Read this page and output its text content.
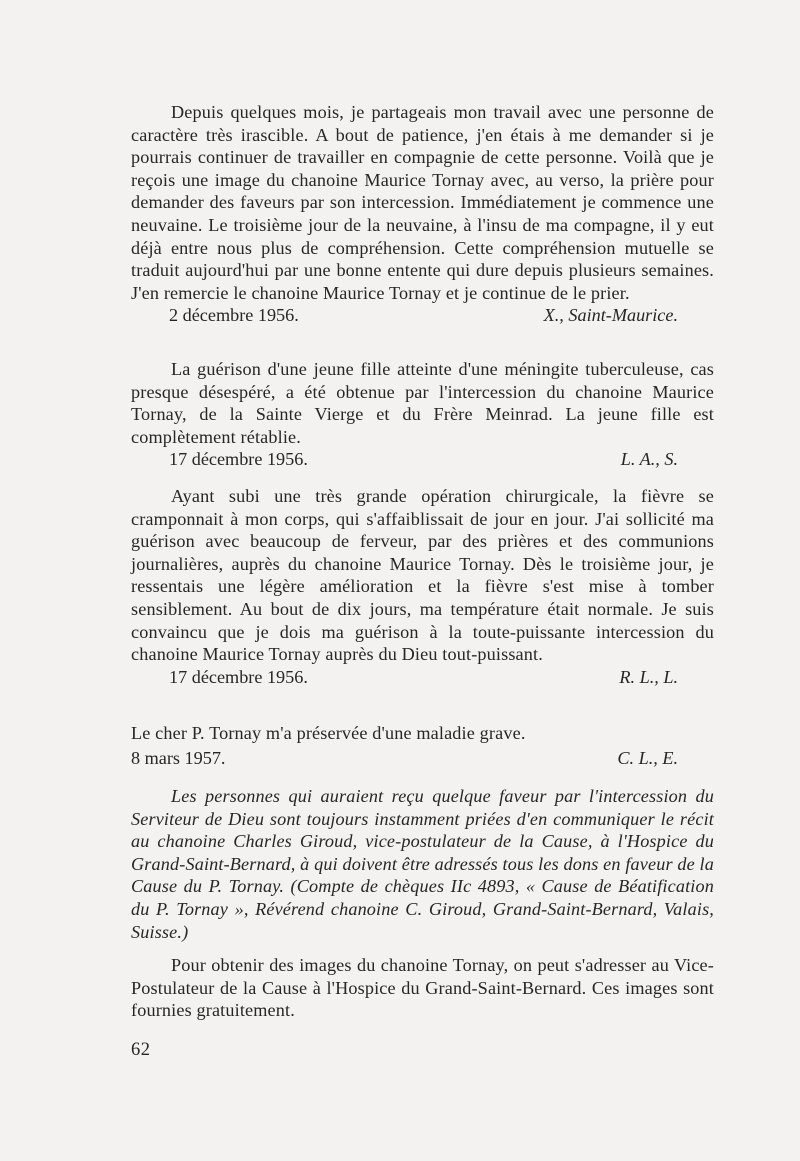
Depuis quelques mois, je partageais mon travail avec une personne de caractère très irascible. A bout de patience, j'en étais à me demander si je pourrais continuer de travailler en compagnie de cette personne. Voilà que je reçois une image du chanoine Maurice Tornay avec, au verso, la prière pour demander des faveurs par son intercession. Immédiatement je commence une neuvaine. Le troisième jour de la neuvaine, à l'insu de ma compagne, il y eut déjà entre nous plus de compréhension. Cette compréhension mutuelle se traduit aujourd'hui par une bonne entente qui dure depuis plusieurs semaines. J'en remercie le chanoine Maurice Tornay et je continue de le prier.

2 décembre 1956.	X., Saint-Maurice.

La guérison d'une jeune fille atteinte d'une méningite tuberculeuse, cas presque désespéré, a été obtenue par l'intercession du chanoine Maurice Tornay, de la Sainte Vierge et du Frère Meinrad. La jeune fille est complètement rétablie.

17 décembre 1956.	L. A., S.

Ayant subi une très grande opération chirurgicale, la fièvre se cramponnait à mon corps, qui s'affaiblissait de jour en jour. J'ai sollicité ma guérison avec beaucoup de ferveur, par des prières et des communions journalières, auprès du chanoine Maurice Tornay. Dès le troisième jour, je ressentais une légère amélioration et la fièvre s'est mise à tomber sensiblement. Au bout de dix jours, ma température était normale. Je suis convaincu que je dois ma guérison à la toute-puissante intercession du chanoine Maurice Tornay auprès du Dieu tout-puissant.

17 décembre 1956.	R. L., L.

Le cher P. Tornay m'a préservée d'une maladie grave.

8 mars 1957.	C. L., E.

Les personnes qui auraient reçu quelque faveur par l'intercession du Serviteur de Dieu sont toujours instamment priées d'en communiquer le récit au chanoine Charles Giroud, vice-postulateur de la Cause, à l'Hospice du Grand-Saint-Bernard, à qui doivent être adressés tous les dons en faveur de la Cause du P. Tornay. (Compte de chèques IIc 4893, « Cause de Béatification du P. Tornay », Révérend chanoine C. Giroud, Grand-Saint-Bernard, Valais, Suisse.)

Pour obtenir des images du chanoine Tornay, on peut s'adresser au Vice-Postulateur de la Cause à l'Hospice du Grand-Saint-Bernard. Ces images sont fournies gratuitement.

62
